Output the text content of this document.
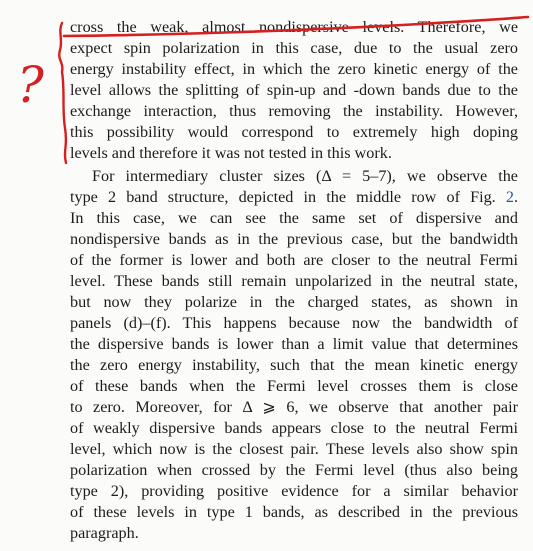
cross the weak, almost nondispersive levels. Therefore, we
expect spin polarization in this case, due to the usual zero
energy instability effect, in which the zero kinetic energy of the
level allows the splitting of spin-up and -down bands due to the
exchange interaction, thus removing the instability. However,
this possibility would correspond to extremely high doping
levels and therefore it was not tested in this work.
For intermediary cluster sizes (Δ = 5–7), we observe the
type 2 band structure, depicted in the middle row of Fig. 2.
In this case, we can see the same set of dispersive and
nondispersive bands as in the previous case, but the bandwidth
of the former is lower and both are closer to the neutral Fermi
level. These bands still remain unpolarized in the neutral state,
but now they polarize in the charged states, as shown in
panels (d)–(f). This happens because now the bandwidth of
the dispersive bands is lower than a limit value that determines
the zero energy instability, such that the mean kinetic energy
of these bands when the Fermi level crosses them is close
to zero. Moreover, for Δ ⩾ 6, we observe that another pair
of weakly dispersive bands appears close to the neutral Fermi
level, which now is the closest pair. These levels also show spin
polarization when crossed by the Fermi level (thus also being
type 2), providing positive evidence for a similar behavior
of these levels in type 1 bands, as described in the previous
paragraph.
?
